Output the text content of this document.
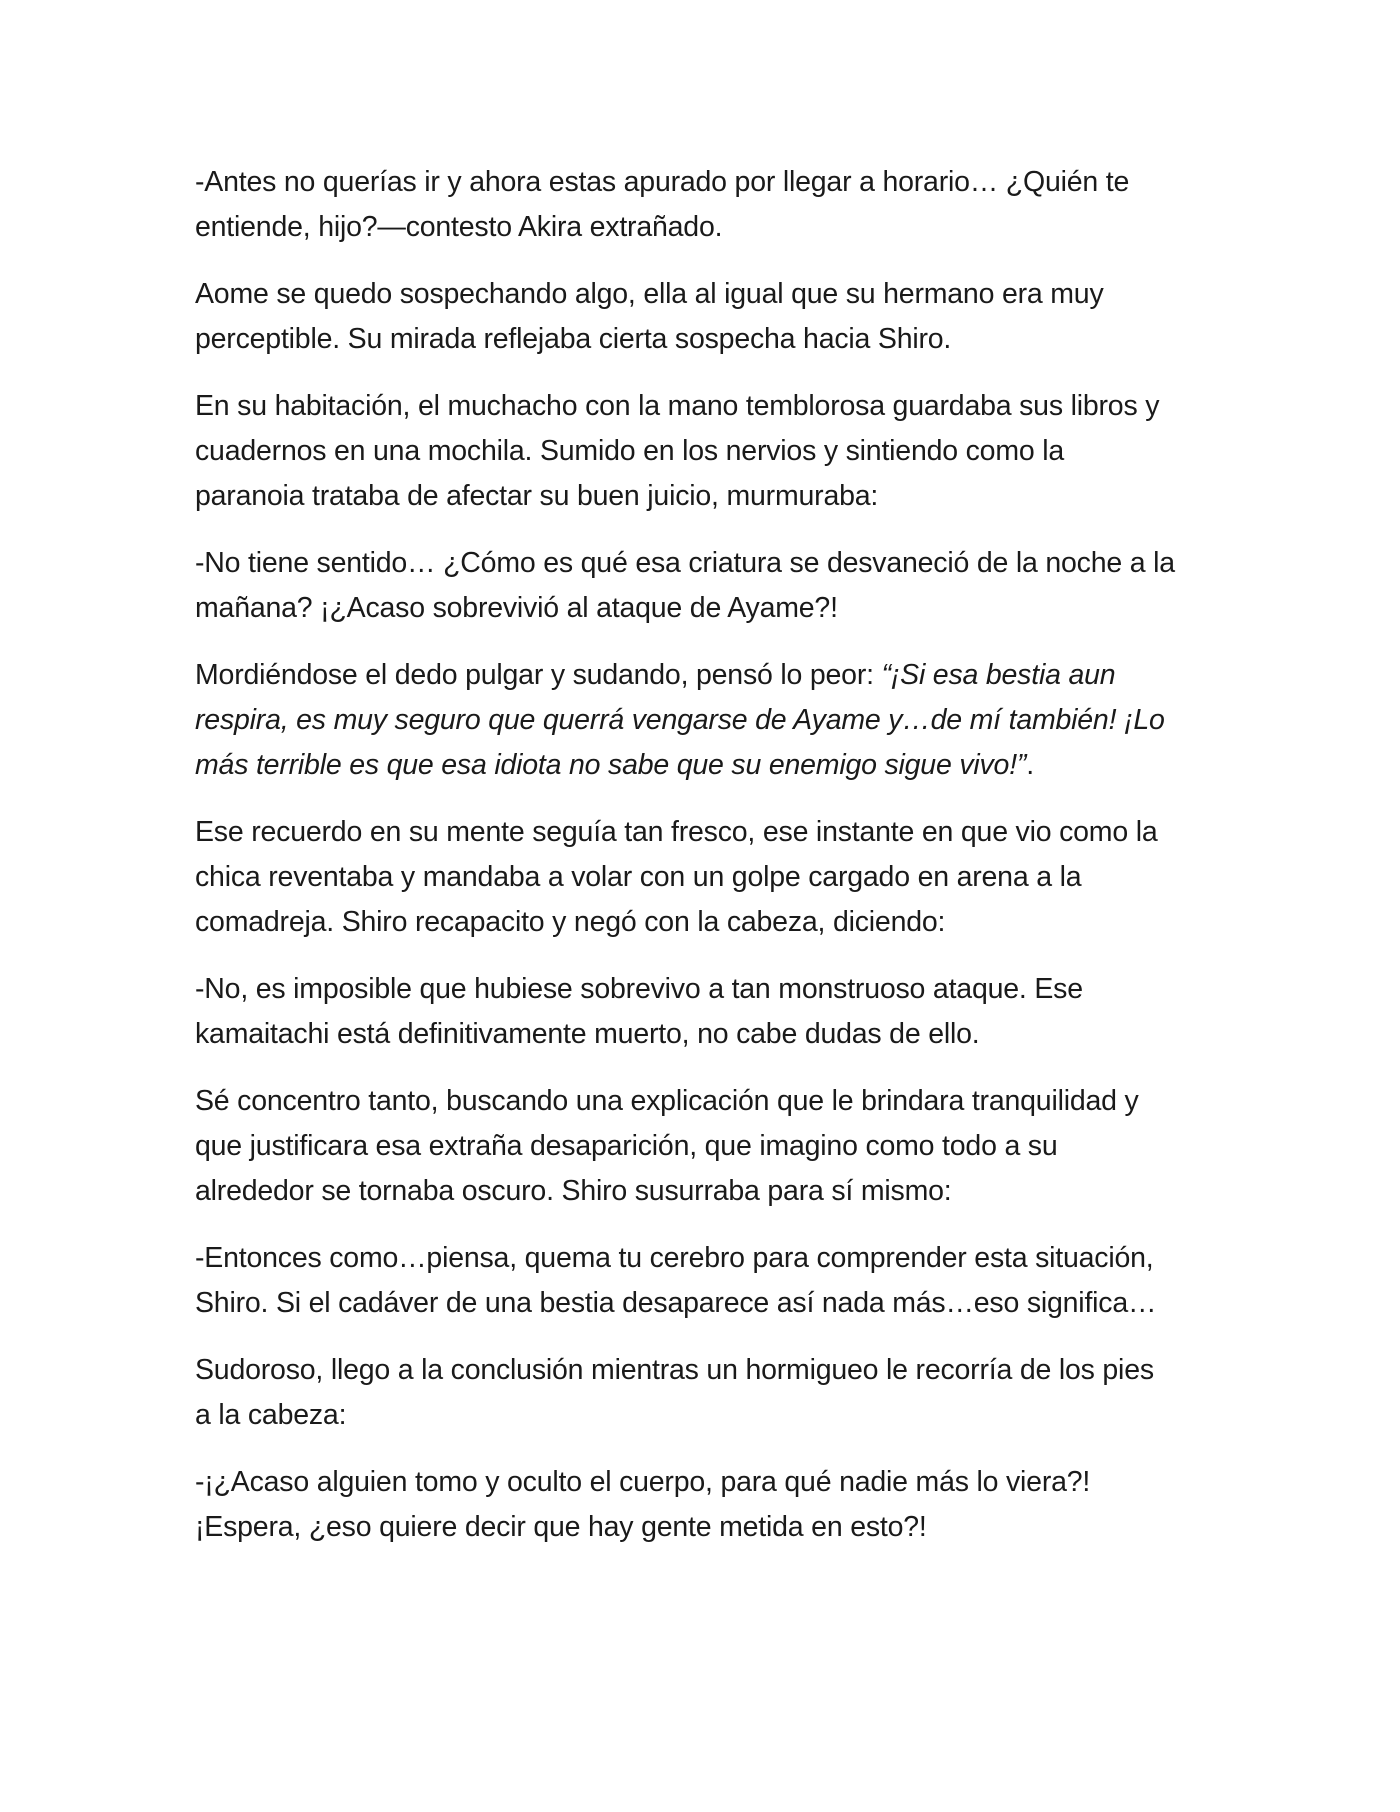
-Antes no querías ir y ahora estas apurado por llegar a horario… ¿Quién te
entiende, hijo?—contesto Akira extrañado.

Aome se quedo sospechando algo, ella al igual que su hermano era muy
perceptible. Su mirada reflejaba cierta sospecha hacia Shiro.

En su habitación, el muchacho con la mano temblorosa guardaba sus libros y
cuadernos en una mochila. Sumido en los nervios y sintiendo como la
paranoia trataba de afectar su buen juicio, murmuraba:

-No tiene sentido… ¿Cómo es qué esa criatura se desvaneció de la noche a la
mañana? ¡¿Acaso sobrevivió al ataque de Ayame?!

Mordiéndose el dedo pulgar y sudando, pensó lo peor: “¡Si esa bestia aun
respira, es muy seguro que querrá vengarse de Ayame y…de mí también! ¡Lo
más terrible es que esa idiota no sabe que su enemigo sigue vivo!”.

Ese recuerdo en su mente seguía tan fresco, ese instante en que vio como la
chica reventaba y mandaba a volar con un golpe cargado en arena a la
comadreja. Shiro recapacito y negó con la cabeza, diciendo:

-No, es imposible que hubiese sobrevivo a tan monstruoso ataque. Ese
kamaitachi está definitivamente muerto, no cabe dudas de ello.

Sé concentro tanto, buscando una explicación que le brindara tranquilidad y
que justificara esa extraña desaparición, que imagino como todo a su
alrededor se tornaba oscuro. Shiro susurraba para sí mismo:

-Entonces como…piensa, quema tu cerebro para comprender esta situación,
Shiro. Si el cadáver de una bestia desaparece así nada más…eso significa…

Sudoroso, llego a la conclusión mientras un hormigueo le recorría de los pies
a la cabeza:

-¡¿Acaso alguien tomo y oculto el cuerpo, para qué nadie más lo viera?!
¡Espera, ¿eso quiere decir que hay gente metida en esto?!
